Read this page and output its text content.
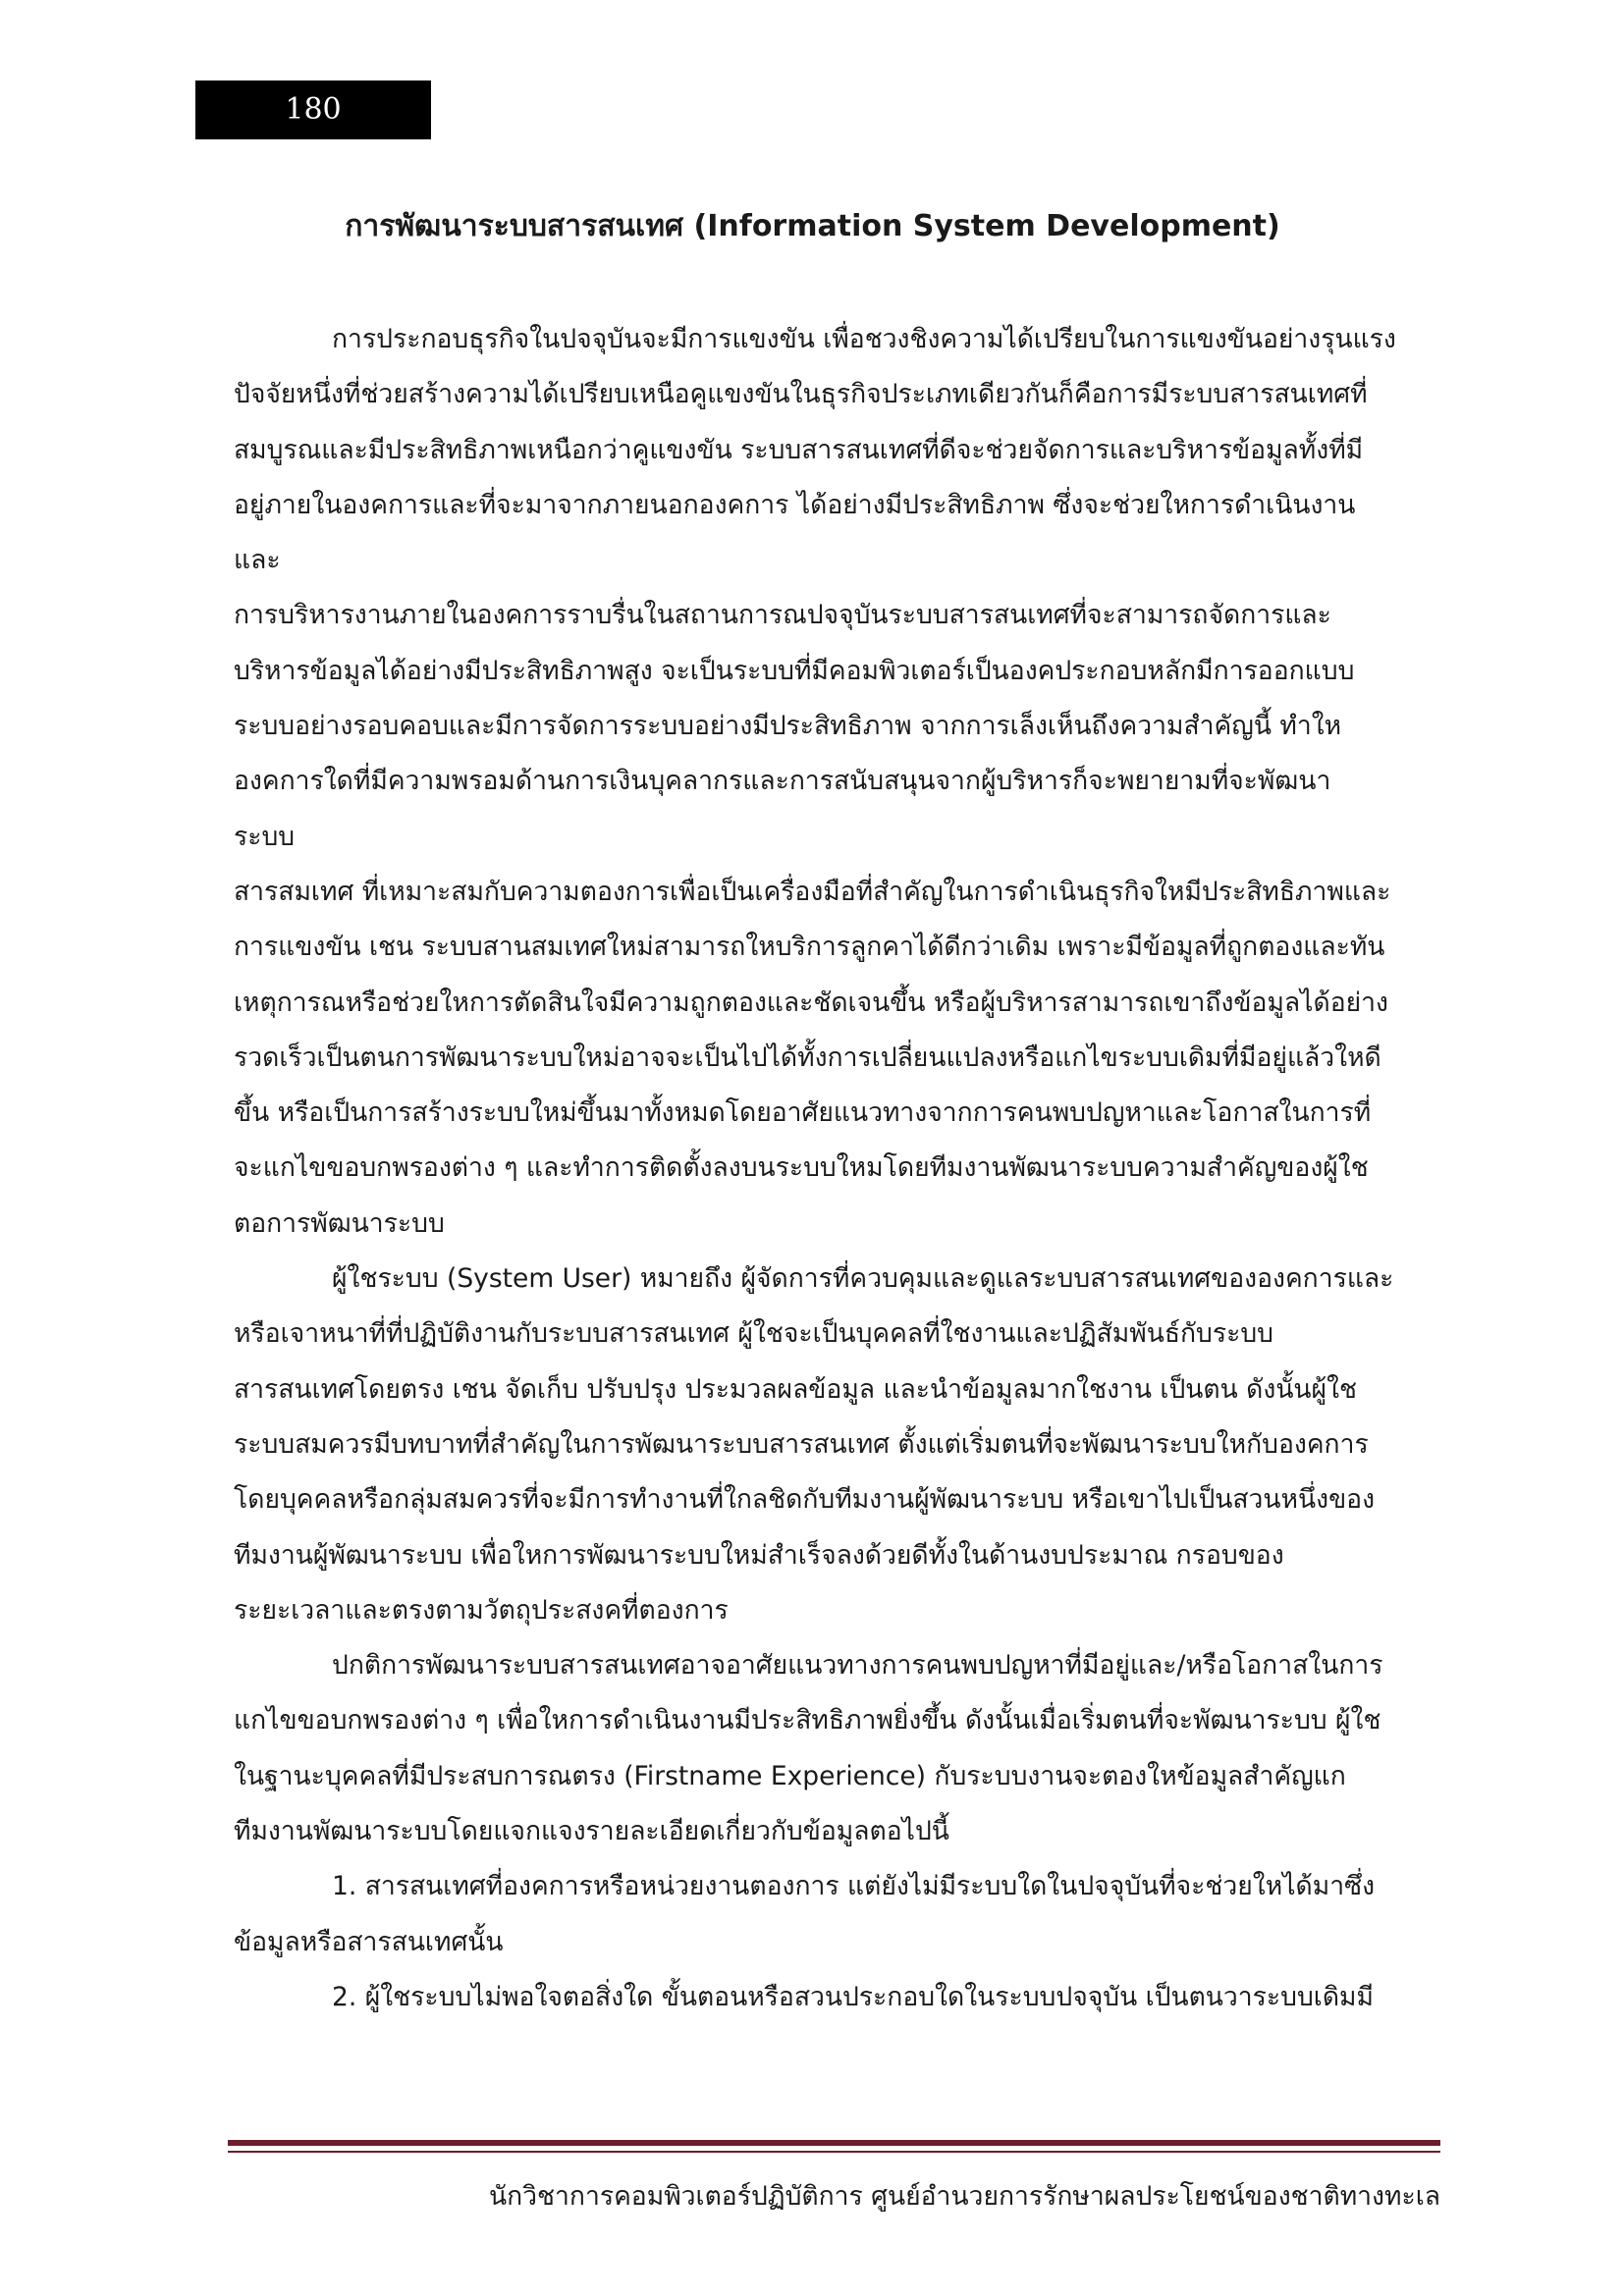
180
การพัฒนาระบบสารสนเทศ (Information System Development)
การประกอบธุรกิจในปจจุบันจะมีการแขงขัน เพื่อชวงชิงความได้เปรียบในการแขงขันอย่างรุนแรง
ปัจจัยหนึ่งที่ช่วยสร้างความได้เปรียบเหนือคูแขงขันในธุรกิจประเภทเดียวกันก็คือการมีระบบสารสนเทศที่
สมบูรณและมีประสิทธิภาพเหนือกว่าคูแขงขัน ระบบสารสนเทศที่ดีจะช่วยจัดการและบริหารข้อมูลทั้งที่มี
อยู่ภายในองคการและที่จะมาจากภายนอกองคการ ได้อย่างมีประสิทธิภาพ ซึ่งจะช่วยใหการดำเนินงาน
และ
การบริหารงานภายในองคการราบรื่นในสถานการณปจจุบันระบบสารสนเทศที่จะสามารถจัดการและ
บริหารข้อมูลได้อย่างมีประสิทธิภาพสูง จะเป็นระบบที่มีคอมพิวเตอร์เป็นองคประกอบหลักมีการออกแบบ
ระบบอย่างรอบคอบและมีการจัดการระบบอย่างมีประสิทธิภาพ จากการเล็งเห็นถึงความสำคัญนี้ ทำให
องคการใดที่มีความพรอมด้านการเงินบุคลากรและการสนับสนุนจากผู้บริหารก็จะพยายามที่จะพัฒนา
ระบบ
สารสมเทศ ที่เหมาะสมกับความตองการเพื่อเป็นเครื่องมือที่สำคัญในการดำเนินธุรกิจใหมีประสิทธิภาพและ
การแขงขัน เชน ระบบสานสมเทศใหม่สามารถใหบริการลูกคาได้ดีกว่าเดิม เพราะมีข้อมูลที่ถูกตองและทัน
เหตุการณหรือช่วยใหการตัดสินใจมีความถูกตองและชัดเจนขึ้น หรือผู้บริหารสามารถเขาถึงข้อมูลได้อย่าง
รวดเร็วเป็นตนการพัฒนาระบบใหม่อาจจะเป็นไปได้ทั้งการเปลี่ยนแปลงหรือแกไขระบบเดิมที่มีอยู่แล้วใหดี
ขึ้น หรือเป็นการสร้างระบบใหม่ขึ้นมาทั้งหมดโดยอาศัยแนวทางจากการคนพบปญหาและโอกาสในการที่
จะแกไขขอบกพรองต่าง ๆ และทำการติดตั้งลงบนระบบใหมโดยทีมงานพัฒนาระบบความสำคัญของผู้ใช
ตอการพัฒนาระบบ
ผู้ใชระบบ (System User) หมายถึง ผู้จัดการที่ควบคุมและดูแลระบบสารสนเทศขององคการและ
หรือเจาหนาที่ที่ปฏิบัติงานกับระบบสารสนเทศ ผู้ใชจะเป็นบุคคลที่ใชงานและปฏิสัมพันธ์กับระบบ
สารสนเทศโดยตรง เชน จัดเก็บ ปรับปรุง ประมวลผลข้อมูล และนำข้อมูลมากใชงาน เป็นตน ดังนั้นผู้ใช
ระบบสมควรมีบทบาทที่สำคัญในการพัฒนาระบบสารสนเทศ ตั้งแต่เริ่มตนที่จะพัฒนาระบบใหกับองคการ
โดยบุคคลหรือกลุ่มสมควรที่จะมีการทำงานที่ใกลชิดกับทีมงานผู้พัฒนาระบบ หรือเขาไปเป็นสวนหนึ่งของ
ทีมงานผู้พัฒนาระบบ เพื่อใหการพัฒนาระบบใหม่สำเร็จลงด้วยดีทั้งในด้านงบประมาณ กรอบของ
ระยะเวลาและตรงตามวัตถุประสงคที่ตองการ
ปกติการพัฒนาระบบสารสนเทศอาจอาศัยแนวทางการคนพบปญหาที่มีอยู่และ/หรือโอกาสในการ
แกไขขอบกพรองต่าง ๆ เพื่อใหการดำเนินงานมีประสิทธิภาพยิ่งขึ้น ดังนั้นเมื่อเริ่มตนที่จะพัฒนาระบบ ผู้ใช
ในฐานะบุคคลที่มีประสบการณตรง (Firstname Experience) กับระบบงานจะตองใหข้อมูลสำคัญแก
ทีมงานพัฒนาระบบโดยแจกแจงรายละเอียดเกี่ยวกับข้อมูลตอไปนี้
1. สารสนเทศที่องคการหรือหน่วยงานตองการ แต่ยังไม่มีระบบใดในปจจุบันที่จะช่วยใหได้มาซึ่ง
ข้อมูลหรือสารสนเทศนั้น
2. ผู้ใชระบบไม่พอใจตอสิ่งใด ขั้นตอนหรือสวนประกอบใดในระบบปจจุบัน เป็นตนวาระบบเดิมมี
นักวิชาการคอมพิวเตอร์ปฏิบัติการ ศูนย์อำนวยการรักษาผลประโยชน์ของชาติทางทะเล
